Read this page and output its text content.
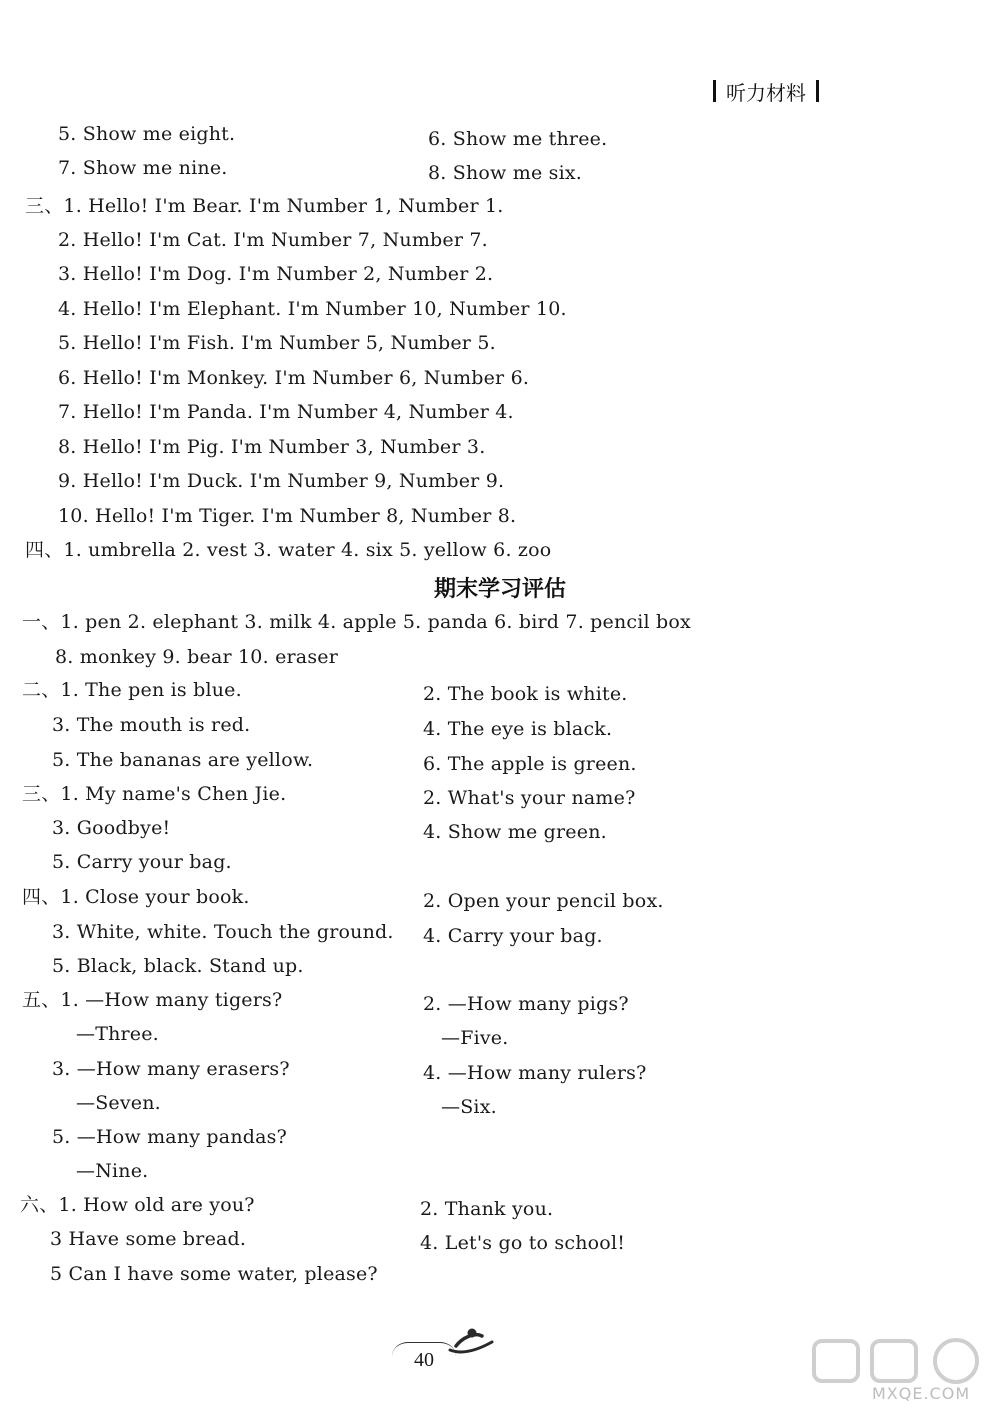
听力材料
5. Show me eight.	6. Show me three.
7. Show me nine.	8. Show me six.
三、1. Hello! I'm Bear. I'm Number 1, Number 1.
2. Hello! I'm Cat. I'm Number 7, Number 7.
3. Hello! I'm Dog. I'm Number 2, Number 2.
4. Hello! I'm Elephant. I'm Number 10, Number 10.
5. Hello! I'm Fish. I'm Number 5, Number 5.
6. Hello! I'm Monkey. I'm Number 6, Number 6.
7. Hello! I'm Panda. I'm Number 4, Number 4.
8. Hello! I'm Pig. I'm Number 3, Number 3.
9. Hello! I'm Duck. I'm Number 9, Number 9.
10. Hello! I'm Tiger. I'm Number 8, Number 8.
四、1. umbrella 2. vest 3. water 4. six 5. yellow 6. zoo
一、1. pen 2. elephant 3. milk 4. apple 5. panda 6. bird 7. pencil box
8. monkey 9. bear 10. eraser
二、1. The pen is blue.	2. The book is white.
3. The mouth is red.	4. The eye is black.
5. The bananas are yellow.	6. The apple is green.
三、1. My name's Chen Jie.	2. What's your name?
3. Goodbye!	4. Show me green.
5. Carry your bag.
四、1. Close your book.	2. Open your pencil box.
3. White, white. Touch the ground. 4. Carry your bag.
5. Black, black. Stand up.
五、1. —How many tigers?	2. —How many pigs?
—Three.	—Five.
3. —How many erasers?	4. —How many rulers?
—Seven.	—Six.
5. —How many pandas?
—Nine.
六、1. How old are you?	2. Thank you.
3 Have some bread.	4. Let's go to school!
5 Can I have some water, please?
期末学习评估
40
MXQE.COM
